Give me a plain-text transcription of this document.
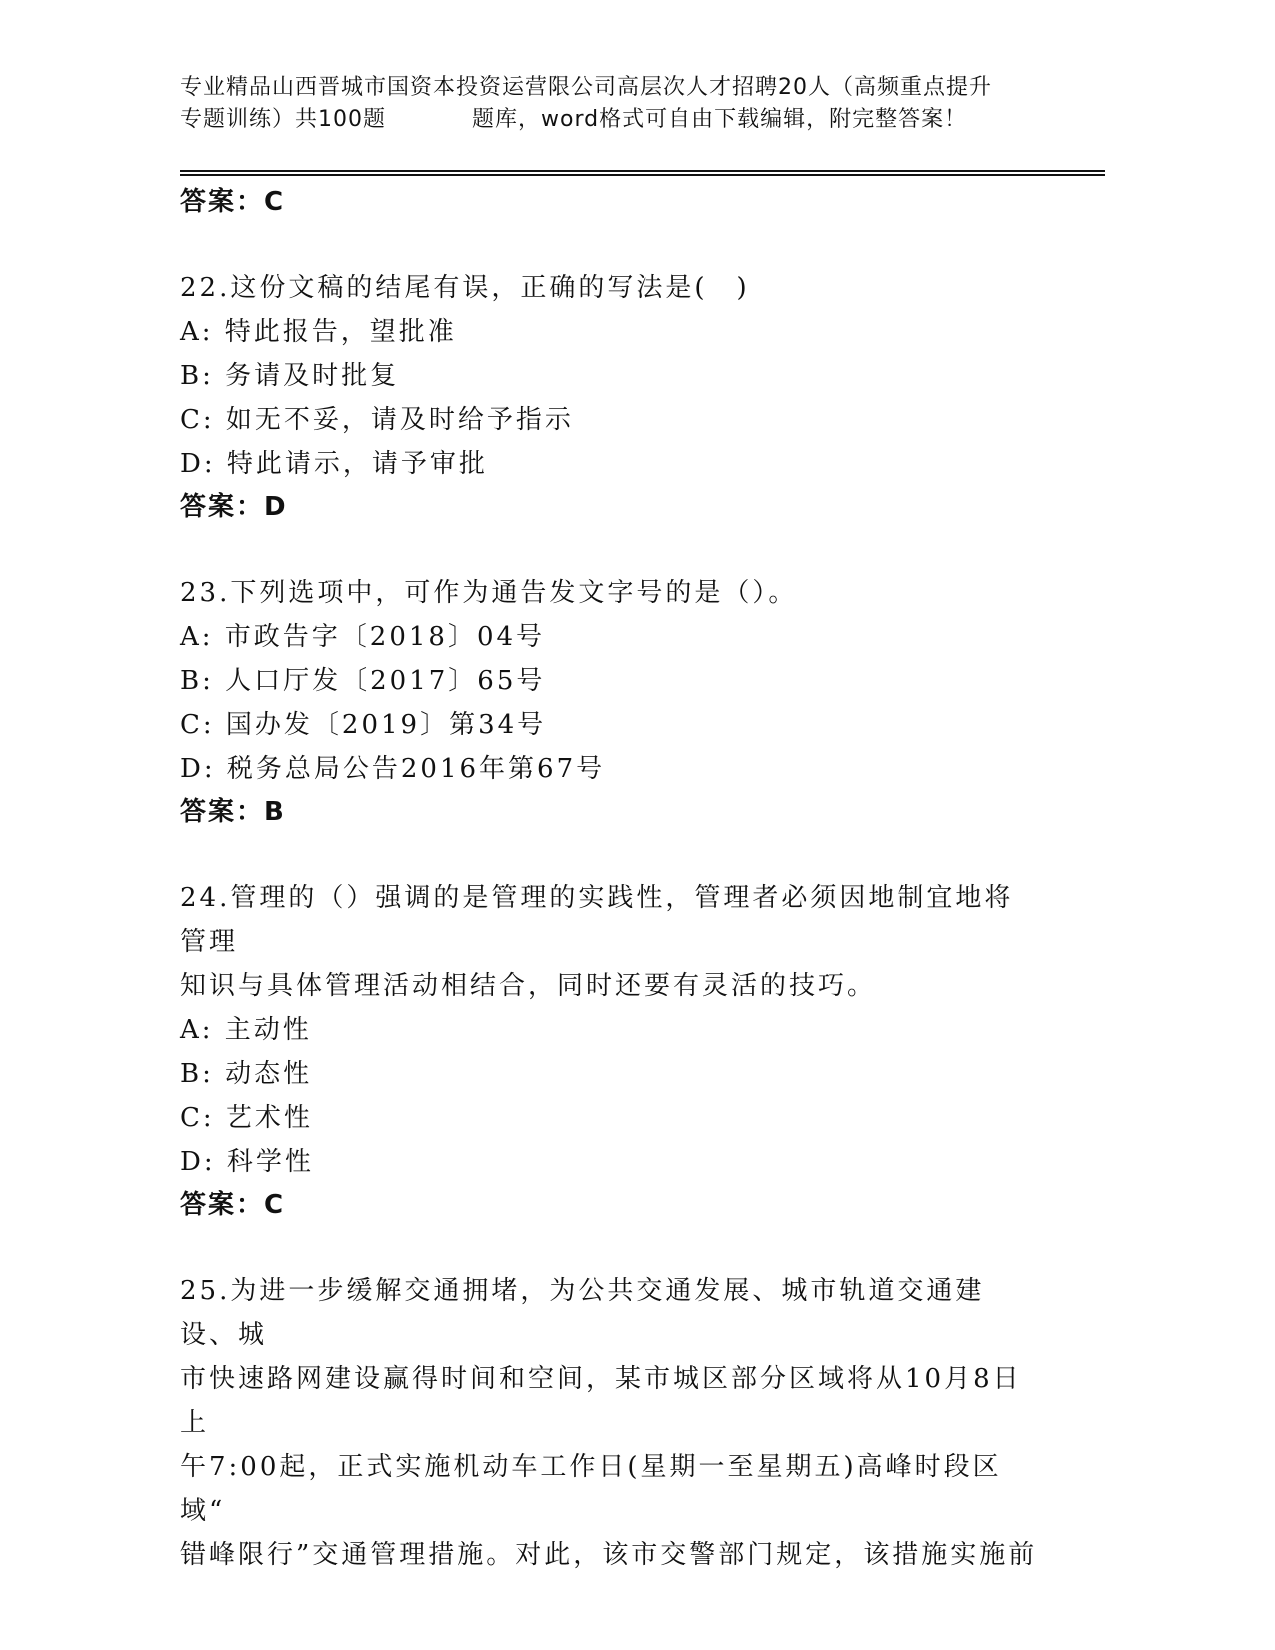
专业精品山西晋城市国资本投资运营限公司高层次人才招聘20人（高频重点提升
专题训练）共100题	题库，word格式可自由下载编辑，附完整答案！
答案：C
22.这份文稿的结尾有误，正确的写法是(　)
A: 特此报告，望批准
B: 务请及时批复
C: 如无不妥，请及时给予指示
D: 特此请示，请予审批
答案：D
23.下列选项中，可作为通告发文字号的是（）。
A: 市政告字〔2018〕04号
B: 人口厅发〔2017〕65号
C: 国办发〔2019〕第34号
D: 税务总局公告2016年第67号
答案：B
24.管理的（）强调的是管理的实践性，管理者必须因地制宜地将管理
知识与具体管理活动相结合，同时还要有灵活的技巧。
A: 主动性
B: 动态性
C: 艺术性
D: 科学性
答案：C
25.为进一步缓解交通拥堵，为公共交通发展、城市轨道交通建设、城
市快速路网建设赢得时间和空间，某市城区部分区域将从10月8日上
午7:00起，正式实施机动车工作日(星期一至星期五)高峰时段区域“
错峰限行”交通管理措施。对此，该市交警部门规定，该措施实施前
